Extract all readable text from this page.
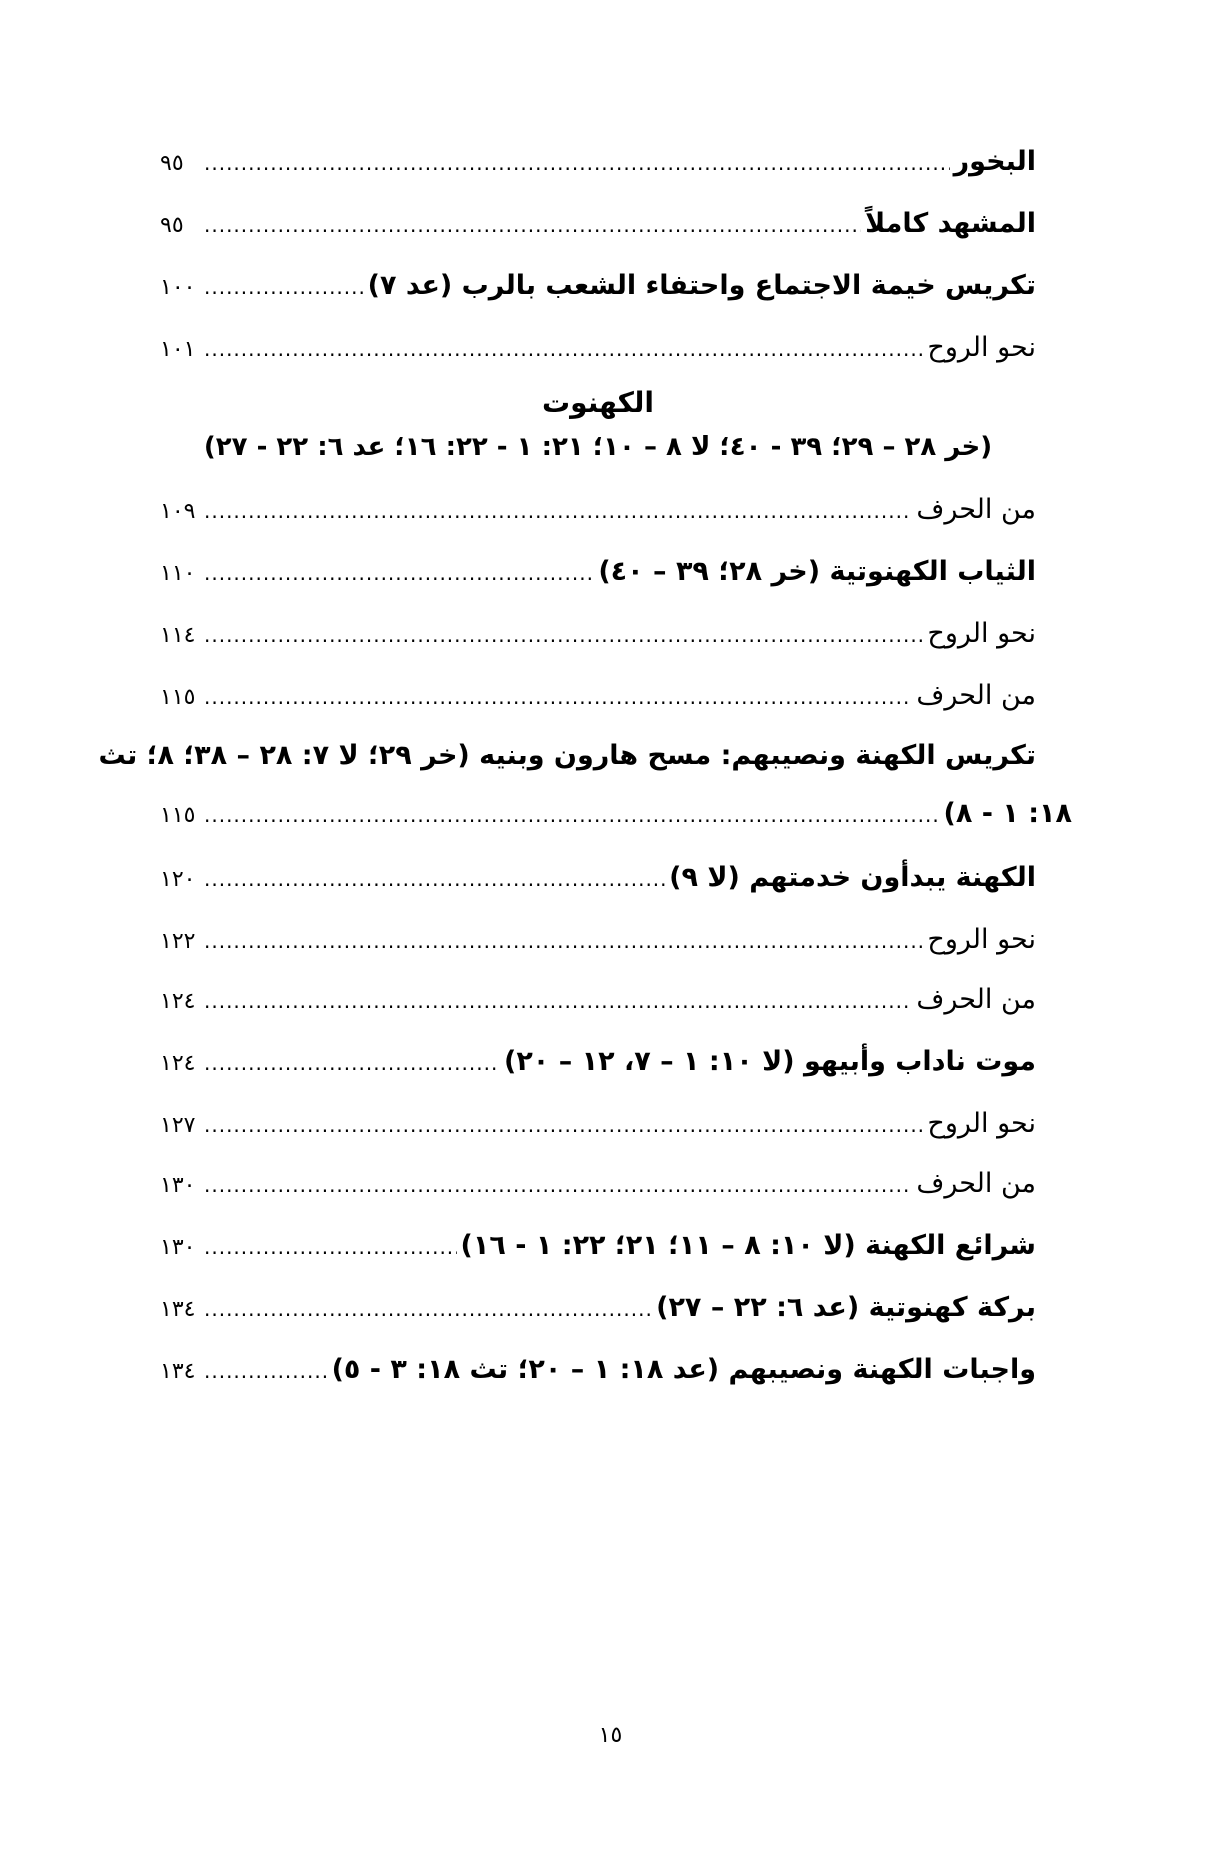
البخور
.....
٩٥
المشهد كاملاً
.....
٩٥
تكريس خيمة الاجتماع واحتفاء الشعب بالرب (عد ٧)
.....
١٠٠
نحو الروح
.....
١٠١
الكهنوت
(خر ٢٨ – ٢٩؛ ٣٩ - ٤٠؛ لا ٨ – ١٠؛ ٢١: ١ - ٢٢: ١٦؛ عد ٦: ٢٢ - ٢٧)
من الحرف
.....
١٠٩
الثياب الكهنوتية (خر ٢٨؛ ٣٩ – ٤٠)
.....
١١٠
نحو الروح
.....
١١٤
من الحرف
.....
١١٥
تكريس الكهنة ونصيبهم: مسح هارون وبنيه (خر ٢٩؛ لا ٧: ٢٨ – ٣٨؛ ٨؛ تث
١٨: ١ - ٨)
.....
١١٥
الكهنة يبدأون خدمتهم (لا ٩)
.....
١٢٠
نحو الروح
.....
١٢٢
من الحرف
.....
١٢٤
موت ناداب وأبيهو (لا ١٠: ١ – ٧، ١٢ – ٢٠)
.....
١٢٤
نحو الروح
.....
١٢٧
من الحرف
.....
١٣٠
شرائع الكهنة (لا ١٠: ٨ – ١١؛ ٢١؛ ٢٢: ١ - ١٦)
.....
١٣٠
بركة كهنوتية (عد ٦: ٢٢ – ٢٧)
.....
١٣٤
واجبات الكهنة ونصيبهم (عد ١٨: ١ – ٢٠؛ تث ١٨: ٣ - ٥)
.....
١٣٤
١٥
